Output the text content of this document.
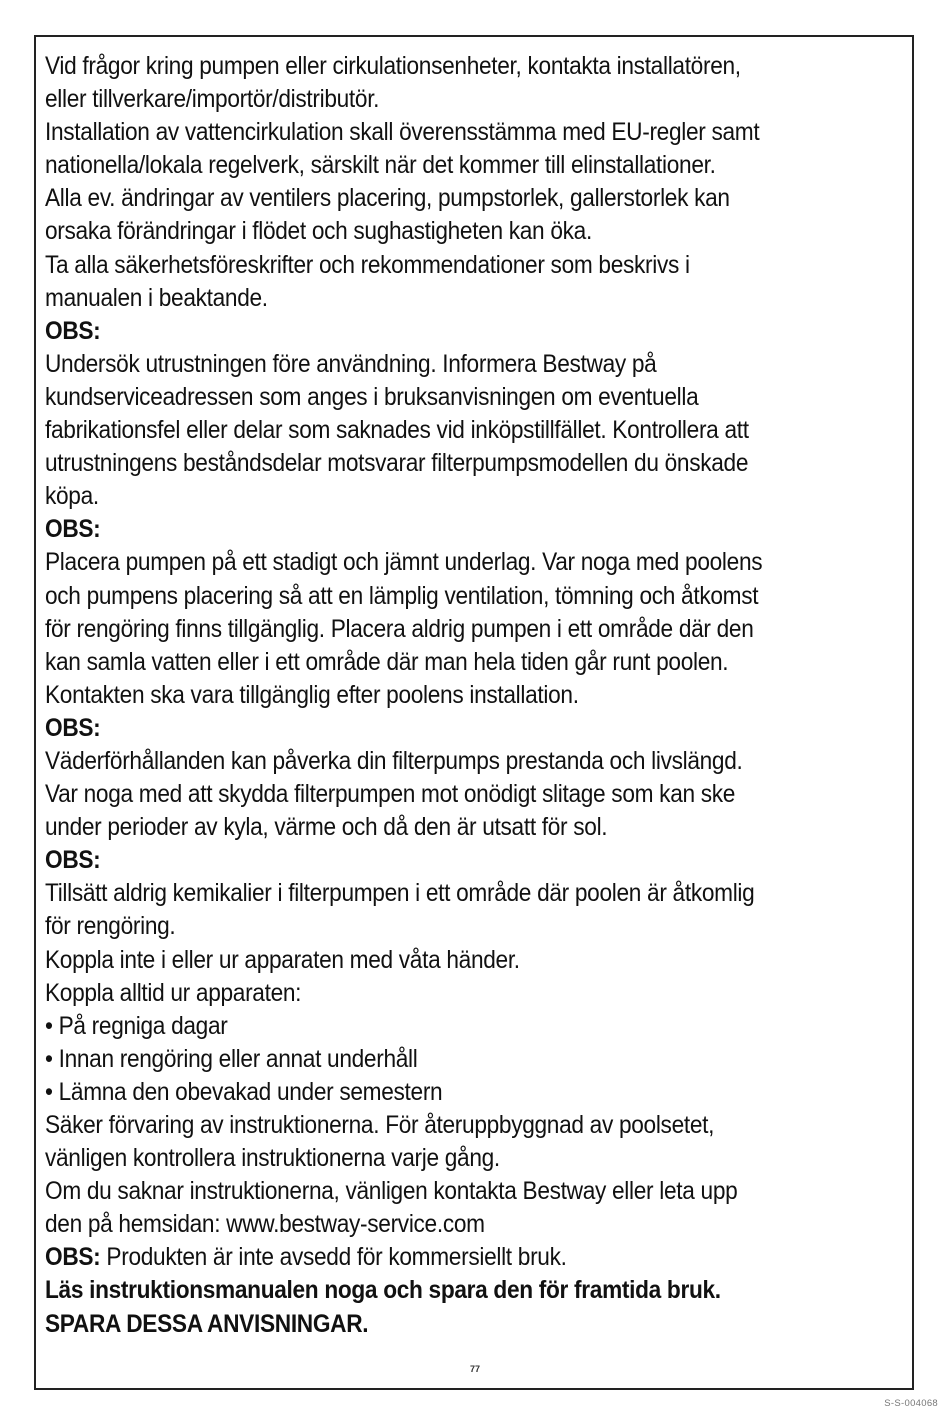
Vid frågor kring pumpen eller cirkulationsenheter, kontakta installatören,
eller tillverkare/importör/distributör.
Installation av vattencirkulation skall överensstämma med EU-regler samt
nationella/lokala regelverk, särskilt när det kommer till elinstallationer.
Alla ev. ändringar av ventilers placering, pumpstorlek, gallerstorlek kan
orsaka förändringar i flödet och sughastigheten kan öka.
Ta alla säkerhetsföreskrifter och rekommendationer som beskrivs i
manualen i beaktande.
OBS:
Undersök utrustningen före användning. Informera Bestway på
kundserviceadressen som anges i bruksanvisningen om eventuella
fabrikationsfel eller delar som saknades vid inköpstillfället. Kontrollera att
utrustningens beståndsdelar motsvarar filterpumpsmodellen du önskade
köpa.
OBS:
Placera pumpen på ett stadigt och jämnt underlag. Var noga med poolens
och pumpens placering så att en lämplig ventilation, tömning och åtkomst
för rengöring finns tillgänglig. Placera aldrig pumpen i ett område där den
kan samla vatten eller i ett område där man hela tiden går runt poolen.
Kontakten ska vara tillgänglig efter poolens installation.
OBS:
Väderförhållanden kan påverka din filterpumps prestanda och livslängd.
Var noga med att skydda filterpumpen mot onödigt slitage som kan ske
under perioder av kyla, värme och då den är utsatt för sol.
OBS:
Tillsätt aldrig kemikalier i filterpumpen i ett område där poolen är åtkomlig
för rengöring.
Koppla inte i eller ur apparaten med våta händer.
Koppla alltid ur apparaten:
• På regniga dagar
• Innan rengöring eller annat underhåll
• Lämna den obevakad under semestern
Säker förvaring av instruktionerna. För återuppbyggnad av poolsetet,
vänligen kontrollera instruktionerna varje gång.
Om du saknar instruktionerna, vänligen kontakta Bestway eller leta upp
den på hemsidan: www.bestway-service.com
OBS: Produkten är inte avsedd för kommersiellt bruk.
Läs instruktionsmanualen noga och spara den för framtida bruk.
SPARA DESSA ANVISNINGAR.
77
S-S-004068
